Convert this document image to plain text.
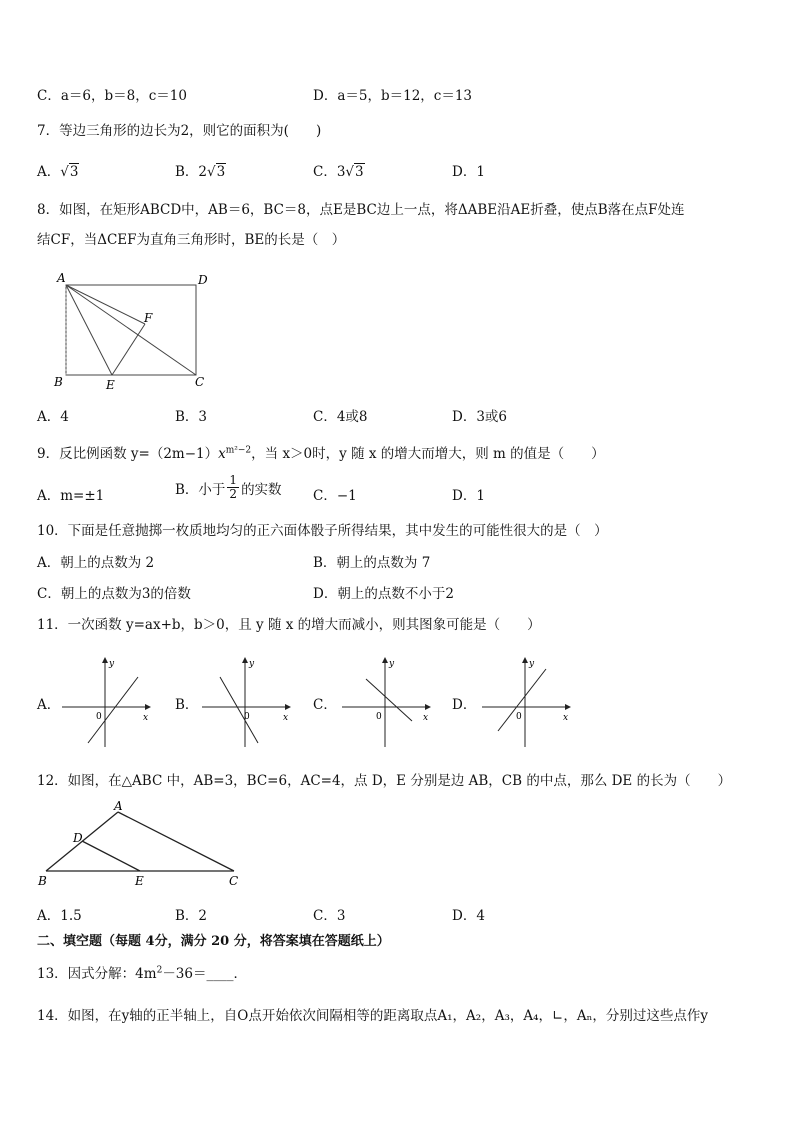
C．a＝6，b＝8，c＝10	D．a＝5，b＝12，c＝13
7．等边三角形的边长为2，则它的面积为(　　)
A．√3	B．2√3	C．3√3	D．1
8．如图，在矩形ABCD中，AB＝6，BC＝8，点E是BC边上一点，将ΔABE沿AE折叠，使点B落在点F处连
结CF，当ΔCEF为直角三角形时，BE的长是（　）
A	D
F
B	E	C
A．4	B．3	C．4或8	D．3或6
9．反比例函数 $y=(2m-1)x^{m^2-2}$，当 x＞0时，y 随 x 的增大而增大，则 m 的值是（　　）
A．m=±1	B．小于 $\frac{1}{2}$ 的实数 C．−1	D．1
10．下面是任意抛掷一枚质地均匀的正六面体骰子所得结果，其中发生的可能性很大的是（　）
A．朝上的点数为 2	B．朝上的点数为 7
C．朝上的点数为3的倍数	D．朝上的点数不小于2
11．一次函数 y=ax+b，b＞0，且 y 随 x 的增大而减小，则其图象可能是（　　）
A．
0	x
y
B．
0	x
y
C．
0	x
y
D．
0	x
y
12．如图，在△ABC 中，AB=3，BC=6，AC=4，点 D，E 分别是边 AB，CB 的中点，那么 DE 的长为（　　）
A
D
B	E	C
A．1.5	B．2	C．3	D．4
二、填空题（每题 4分，满分 20 分，将答案填在答题纸上）
13．因式分解：$4m^2-36=\_\_\_\_$．
14．如图，在y轴的正半轴上，自O点开始依次间隔相等的距离取点A₁，A₂，A₃，A₄，∟，Aₙ，分别过这些点作y
